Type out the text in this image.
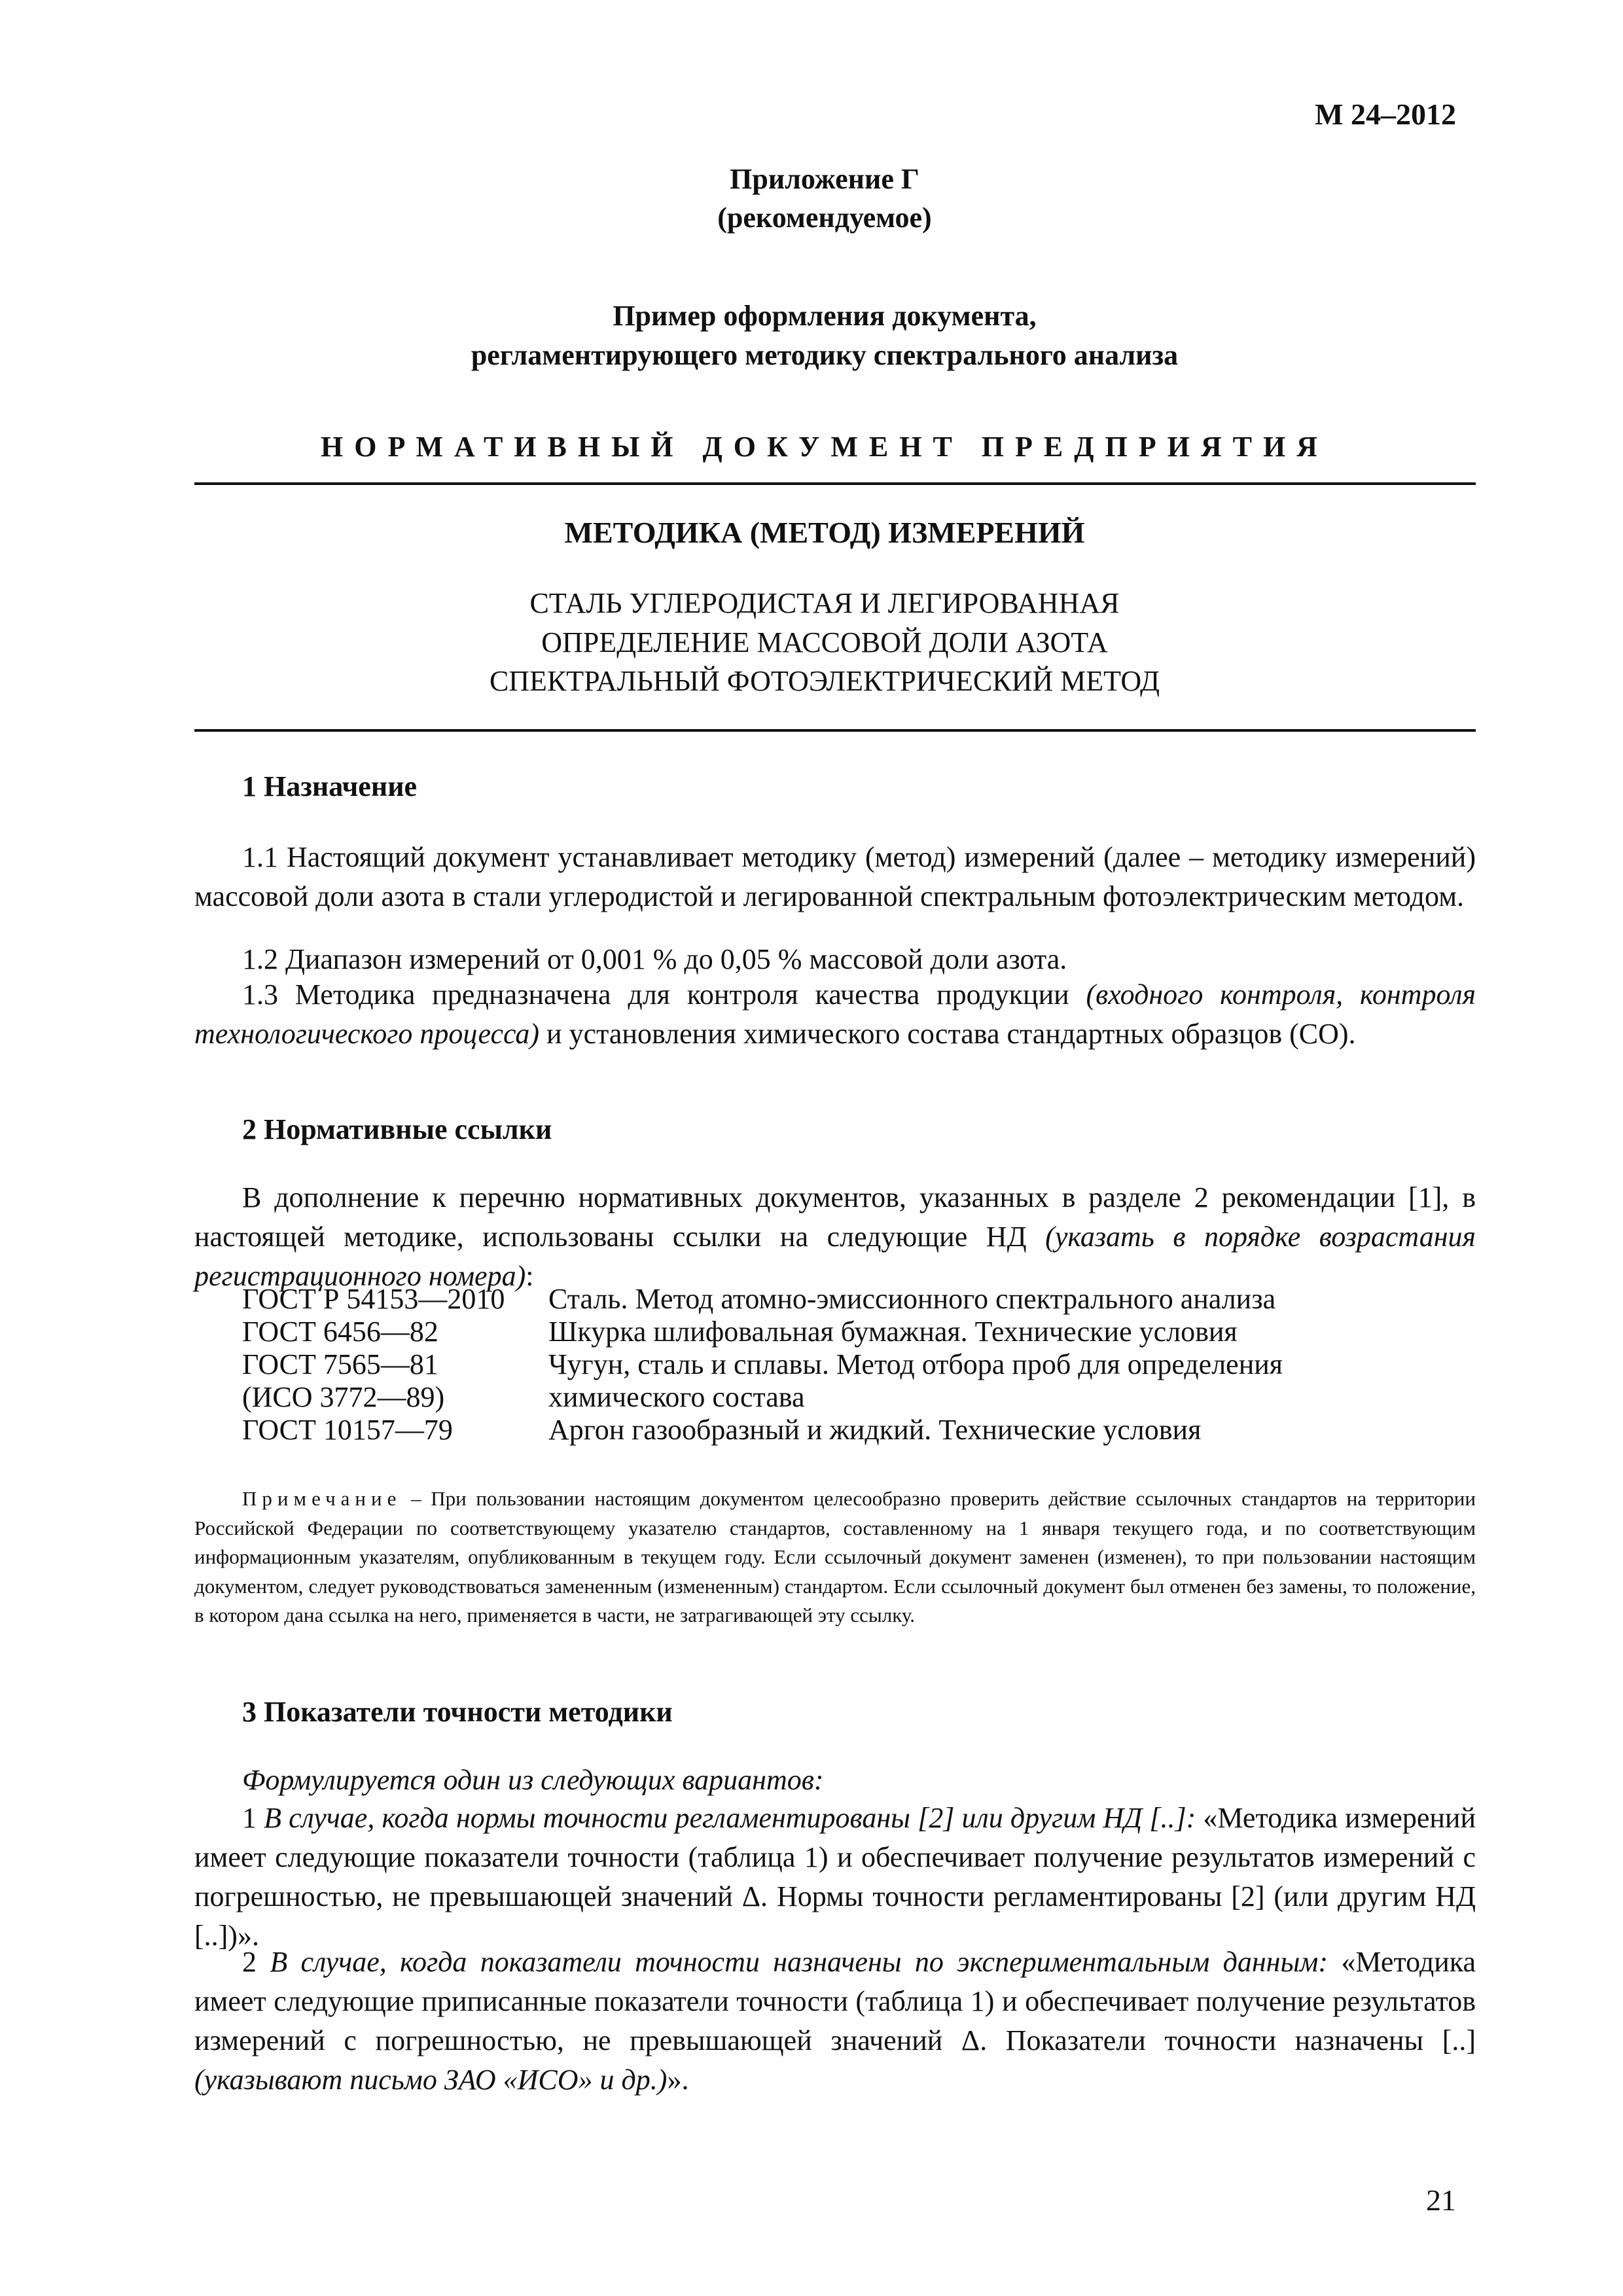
М 24–2012
Приложение Г
(рекомендуемое)
Пример оформления документа,
регламентирующего методику спектрального анализа
НОРМАТИВНЫЙ ДОКУМЕНТ ПРЕДПРИЯТИЯ
МЕТОДИКА (МЕТОД) ИЗМЕРЕНИЙ
СТАЛЬ УГЛЕРОДИСТАЯ И ЛЕГИРОВАННАЯ
ОПРЕДЕЛЕНИЕ МАССОВОЙ ДОЛИ АЗОТА
СПЕКТРАЛЬНЫЙ ФОТОЭЛЕКТРИЧЕСКИЙ МЕТОД
1 Назначение
1.1 Настоящий документ устанавливает методику (метод) измерений (далее – методику измерений) массовой доли азота в стали углеродистой и легированной спектральным фотоэлектрическим методом.
1.2 Диапазон измерений от 0,001 % до 0,05 % массовой доли азота.
1.3 Методика предназначена для контроля качества продукции (входного контроля, контроля технологического процесса) и установления химического состава стандартных образцов (СО).
2 Нормативные ссылки
В дополнение к перечню нормативных документов, указанных в разделе 2 рекомендации [1], в настоящей методике, использованы ссылки на следующие НД (указать в порядке возрастания регистрационного номера):
ГОСТ Р 54153—2010	Сталь. Метод атомно-эмиссионного спектрального анализа
ГОСТ 6456—82	Шкурка шлифовальная бумажная. Технические условия
ГОСТ 7565—81	Чугун, сталь и сплавы. Метод отбора проб для определения
(ИСО 3772—89)	химического состава
ГОСТ 10157—79	Аргон газообразный и жидкий. Технические условия
Примечание – При пользовании настоящим документом целесообразно проверить действие ссылочных стандартов на территории Российской Федерации по соответствующему указателю стандартов, составленному на 1 января текущего года, и по соответствующим информационным указателям, опубликованным в текущем году. Если ссылочный документ заменен (изменен), то при пользовании настоящим документом, следует руководствоваться замененным (измененным) стандартом. Если ссылочный документ был отменен без замены, то положение, в котором дана ссылка на него, применяется в части, не затрагивающей эту ссылку.
3 Показатели точности методики
Формулируется один из следующих вариантов:
1 В случае, когда нормы точности регламентированы [2] или другим НД [..]: «Методика измерений имеет следующие показатели точности (таблица 1) и обеспечивает получение результатов измерений с погрешностью, не превышающей значений Δ. Нормы точности регламентированы [2] (или другим НД [..])».
2 В случае, когда показатели точности назначены по экспериментальным данным: «Методика имеет следующие приписанные показатели точности (таблица 1) и обеспечивает получение результатов измерений с погрешностью, не превышающей значений Δ. Показатели точности назначены [..] (указывают письмо ЗАО «ИСО» и др.)».
21
